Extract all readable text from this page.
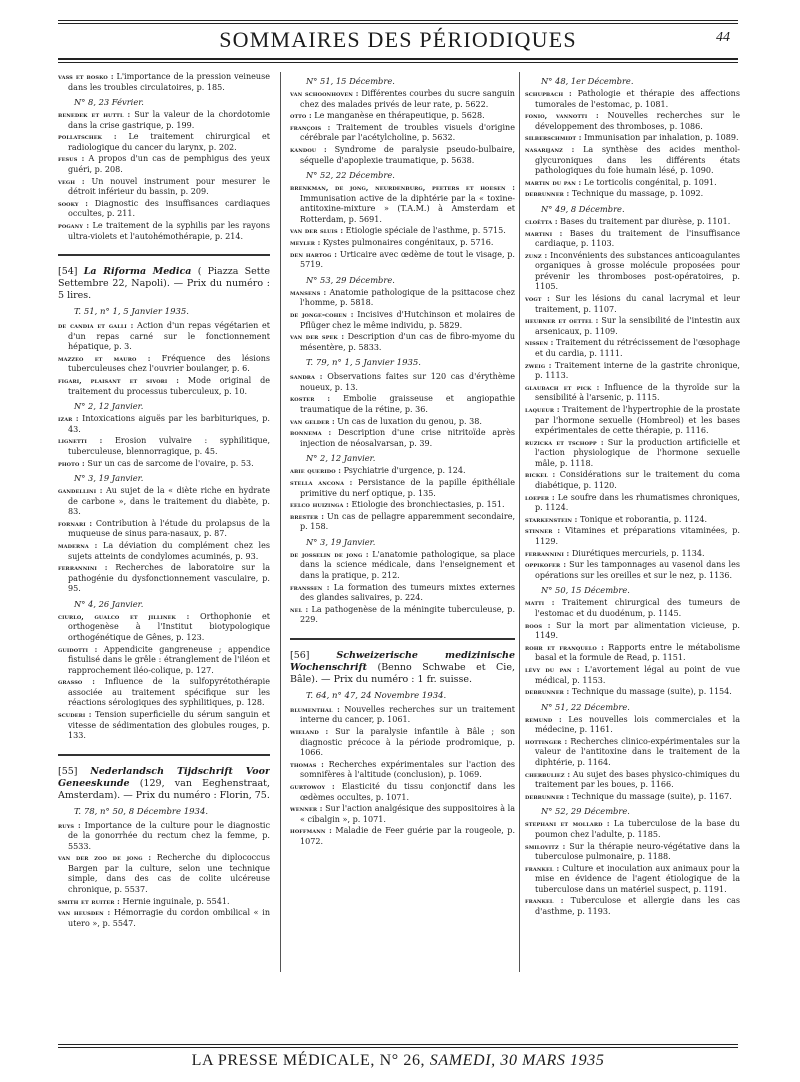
SOMMAIRES DES PÉRIODIQUES	44

vass et bosko : L'importance de la pression veineuse dans les troubles circulatoires, p. 185.

N° 8, 23 Février.

benedek et huttl : Sur la valeur de la chordotomie dans la crise gastrique, p. 199.

pollatschek : Le traitement chirurgical et radiologique du cancer du larynx, p. 202.

fesus : A propos d'un cas de pemphigus des yeux guéri, p. 208.

vegh : Un nouvel instrument pour mesurer le détroit inférieur du bassin, p. 209.

sooky : Diagnostic des insuffisances cardiaques occultes, p. 211.

pogany : Le traitement de la syphilis par les rayons ultra-violets et l'autohémothérapie, p. 214.

[54] La Riforma Medica ( Piazza Sette Settembre 22, Napoli). — Prix du numéro : 5 lires.

T. 51, n° 1, 5 Janvier 1935.

de candia et galli : Action d'un repas végétarien et d'un repas carné sur le fonctionnement hépatique, p. 3.

mazzeo et mauro : Fréquence des lésions tuberculeuses chez l'ouvrier boulanger, p. 6.

figari, plaisant et sivori : Mode original de traitement du processus tuberculeux, p. 10.

N° 2, 12 Janvier.

izar : Intoxications aiguës par les barbituriques, p. 43.

lignetti : Erosion vulvaire : syphilitique, tuberculeuse, blennorragique, p. 45.

photo : Sur un cas de sarcome de l'ovaire, p. 53.

N° 3, 19 Janvier.

gandellini : Au sujet de la « diète riche en hydrate de carbone », dans le traitement du diabète, p. 83.

fornari : Contribution à l'étude du prolapsus de la muqueuse de sinus para-nasaux, p. 87.

maderna : La déviation du complément chez les sujets atteints de condylomes acuminés, p. 93.

ferrannini : Recherches de laboratoire sur la pathogénie du dysfonctionnement vasculaire, p. 95.

N° 4, 26 Janvier.

ciurlo, gualco et jillinek : Orthophonie et orthogenèse à l'Institut biotypologique orthogénétique de Gênes, p. 123.

guidotti : Appendicite gangreneuse ; appendice fistulisé dans le grêle : étranglement de l'iléon et rapprochement iléo-colique, p. 127.

grasso : Influence de la sulfopyrétothérapie associée au traitement spécifique sur les réactions sérologiques des syphilitiques, p. 128.

scuderi : Tension superficielle du sérum sanguin et vitesse de sédimentation des globules rouges, p. 133.

[55] Nederlandsch Tijdschrift Voor Geneeskunde (129, van Eeghenstraat, Amsterdam). — Prix du numéro : Florin, 75.

T. 78, n° 50, 8 Décembre 1934.

ruys : Importance de la culture pour le diagnostic de la gonorrhée du rectum chez la femme, p. 5533.

van der zoo de jong : Recherche du diplococcus Bargen par la culture, selon une technique simple, dans des cas de colite ulcéreuse chronique, p. 5537.

smith et ruiter : Hernie inguinale, p. 5541.

van heusden : Hémorragie du cordon ombilical « in utero », p. 5547.

N° 51, 15 Décembre.

van schoonhoven : Différentes courbes du sucre sanguin chez des malades privés de leur rate, p. 5622.

otto : Le manganèse en thérapeutique, p. 5628.

françois : Traitement de troubles visuels d'origine cérébrale par l'acétylcholine, p. 5632.

kandou : Syndrome de paralysie pseudo-bulbaire, séquelle d'apoplexie traumatique, p. 5638.

N° 52, 22 Décembre.

brenkman, de jong, neurdenburg, peeters et hoesen : Immunisation active de la diphtérie par la « toxine-antitoxine-mixture » (T.A.M.) à Amsterdam et Rotterdam, p. 5691.

van der sluis : Etiologie spéciale de l'asthme, p. 5715.

meyler : Kystes pulmonaires congénitaux, p. 5716.

den hartog : Urticaire avec œdème de tout le visage, p. 5719.

N° 53, 29 Décembre.

mansens : Anatomie pathologique de la psittacose chez l'homme, p. 5818.

de jonge-cohen : Incisives d'Hutchinson et molaires de Pflüger chez le même individu, p. 5829.

van der spek : Description d'un cas de fibro-myome du mésentère, p. 5833.

T. 79, n° 1, 5 Janvier 1935.

sandra : Observations faites sur 120 cas d'érythème noueux, p. 13.

koster : Embolie graisseuse et angiopathie traumatique de la rétine, p. 36.

van gelder : Un cas de luxation du genou, p. 38.

bonnema : Description d'une crise nitritoïde après injection de néosalvarsan, p. 39.

N° 2, 12 Janvier.

abie querido : Psychiatrie d'urgence, p. 124.

stella ancona : Persistance de la papille épithéliale primitive du nerf optique, p. 135.

eelco huizinga : Etiologie des bronchiectasies, p. 151.

brester : Un cas de pellagre apparemment secondaire, p. 158.

N° 3, 19 Janvier.

de josselin de jong : L'anatomie pathologique, sa place dans la science médicale, dans l'enseignement et dans la pratique, p. 212.

franssen : La formation des tumeurs mixtes externes des glandes salivaires, p. 224.

nel : La pathogenèse de la méningite tuberculeuse, p. 229.

[56]	Schweizerische medizinische Wochenschrift (Benno Schwabe et Cie, Bâle). — Prix du numéro : 1 fr. suisse.

T. 64, n° 47, 24 Novembre 1934.

blumenthal : Nouvelles recherches sur un traitement interne du cancer, p. 1061.

wieland : Sur la paralysie infantile à Bâle ; son diagnostic précoce à la période prodromique, p. 1066.

thomas : Recherches expérimentales sur l'action des somnifères à l'altitude (conclusion), p. 1069.

gurtowoy : Elasticité du tissu conjonctif dans les œdèmes occultes, p. 1071.

wenner : Sur l'action analgésique des suppositoires à la « cibalgin », p. 1071.

hoffmann : Maladie de Feer guérie par la rougeole, p. 1072.

N° 48, 1er Décembre.

schupbach : Pathologie et thérapie des affections tumorales de l'estomac, p. 1081.

fonio, vannotti : Nouvelles recherches sur le développement des thromboses, p. 1086.

silberschmidt : Immunisation par inhalation, p. 1089.

nasarijanz : La synthèse des acides menthol-glycuroniques dans les différents états pathologiques du foie humain lésé, p. 1090.

martin du pan : Le torticolis congénital, p. 1091.

debrunner : Technique du massage, p. 1092.

N° 49, 8 Décembre.

cloëtta : Bases du traitement par diurèse, p. 1101.

martini : Bases du traitement de l'insuffisance cardiaque, p. 1103.

zunz : Inconvénients des substances anticoagulantes organiques à grosse molécule proposées pour prévenir les thromboses post-opératoires, p. 1105.

vogt : Sur les lésions du canal lacrymal et leur traitement, p. 1107.

heubner et oettel : Sur la sensibilité de l'intestin aux arsenicaux, p. 1109.

nissen : Traitement du rétrécissement de l'œsophage et du cardia, p. 1111.

zweig : Traitement interne de la gastrite chronique, p. 1113.

glaubach et pick : Influence de la thyroïde sur la sensibilité à l'arsenic, p. 1115.

laqueur : Traitement de l'hypertrophie de la prostate par l'hormone sexuelle (Hombreol) et les bases expérimentales de cette thérapie, p. 1116.

ruzicka et tschopp : Sur la production artificielle et l'action physiologique de l'hormone sexuelle mâle, p. 1118.

bickel : Considérations sur le traitement du coma diabétique, p. 1120.

loeper : Le soufre dans les rhumatismes chroniques, p. 1124.

starkenstein : Tonique et roborantia, p. 1124.

stinner : Vitamines et préparations vitaminées, p. 1129.

ferrannini : Diurétiques mercuriels, p. 1134.

oppikofer : Sur les tamponnages au vasenol dans les opérations sur les oreilles et sur le nez, p. 1136.

N° 50, 15 Décembre.

matti : Traitement chirurgical des tumeurs de l'estomac et du duodénum, p. 1145.

boos : Sur la mort par alimentation vicieuse, p. 1149.

rohr et franquelo : Rapports entre le métabolisme basal et la formule de Read, p. 1151.

lévy du pan : L'avortement légal au point de vue médical, p. 1153.

debrunner : Technique du massage (suite), p. 1154.

N° 51, 22 Décembre.

remund : Les nouvelles lois commerciales et la médecine, p. 1161.

hottinger : Recherches clinico-expérimentales sur la valeur de l'antitoxine dans le traitement de la diphtérie, p. 1164.

cherbuliez : Au sujet des bases physico-chimiques du traitement par les boues, p. 1166.

debrunner : Technique du massage (suite), p. 1167.

N° 52, 29 Décembre.

stephani et mollard : La tuberculose de la base du poumon chez l'adulte, p. 1185.

smilovitz : Sur la thérapie neuro-végétative dans la tuberculose pulmonaire, p. 1188.

frankel : Culture et inoculation aux animaux pour la mise en évidence de l'agent étiologique de la tuberculose dans un matériel suspect, p. 1191.

frankel : Tuberculose et allergie dans les cas d'asthme, p. 1193.

LA PRESSE MÉDICALE, N° 26, SAMEDI, 30 MARS 1935
